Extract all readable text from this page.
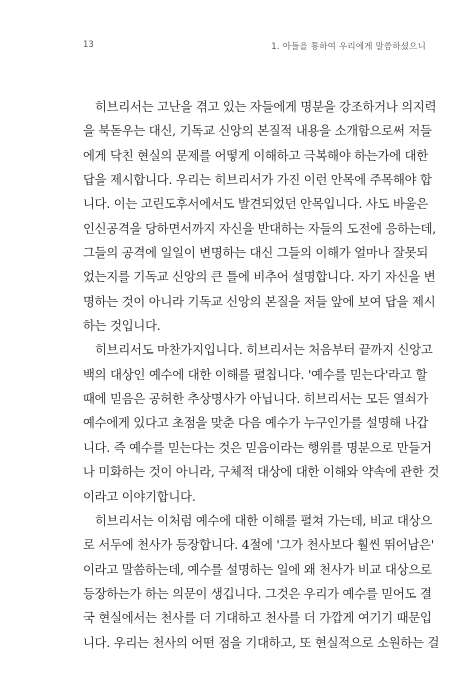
13	1. 아들을 통하여 우리에게 말씀하셨으니
히브리서는 고난을 겪고 있는 자들에게 명분을 강조하거나 의지력
을 북돋우는 대신, 기독교 신앙의 본질적 내용을 소개함으로써 저들
에게 닥친 현실의 문제를 어떻게 이해하고 극복해야 하는가에 대한
답을 제시합니다. 우리는 히브리서가 가진 이런 안목에 주목해야 합
니다. 이는 고린도후서에서도 발견되었던 안목입니다. 사도 바울은
인신공격을 당하면서까지 자신을 반대하는 자들의 도전에 응하는데,
그들의 공격에 일일이 변명하는 대신 그들의 이해가 얼마나 잘못되
었는지를 기독교 신앙의 큰 틀에 비추어 설명합니다. 자기 자신을 변
명하는 것이 아니라 기독교 신앙의 본질을 저들 앞에 보여 답을 제시
하는 것입니다.
히브리서도 마찬가지입니다. 히브리서는 처음부터 끝까지 신앙고
백의 대상인 예수에 대한 이해를 펼칩니다. '예수를 믿는다'라고 할
때에 믿음은 공허한 추상명사가 아닙니다. 히브리서는 모든 열쇠가
예수에게 있다고 초점을 맞춘 다음 예수가 누구인가를 설명해 나갑
니다. 즉 예수를 믿는다는 것은 믿음이라는 행위를 명분으로 만들거
나 미화하는 것이 아니라, 구체적 대상에 대한 이해와 약속에 관한 것
이라고 이야기합니다.
히브리서는 이처럼 예수에 대한 이해를 펼쳐 가는데, 비교 대상으
로 서두에 천사가 등장합니다. 4절에 '그가 천사보다 훨씬 뛰어남은'
이라고 말씀하는데, 예수를 설명하는 일에 왜 천사가 비교 대상으로
등장하는가 하는 의문이 생깁니다. 그것은 우리가 예수를 믿어도 결
국 현실에서는 천사를 더 기대하고 천사를 더 가깝게 여기기 때문입
니다. 우리는 천사의 어떤 점을 기대하고, 또 현실적으로 소원하는 걸
